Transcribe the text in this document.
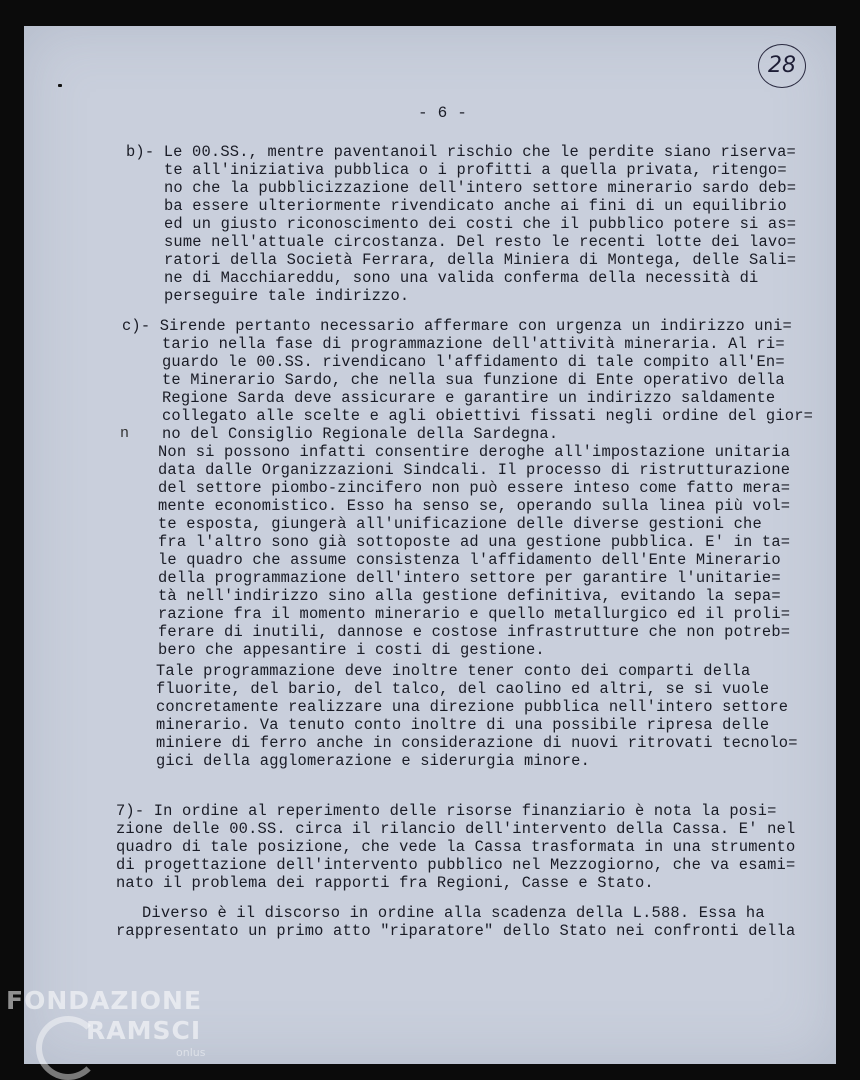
28
- 6 -
n
b)- Le 00.SS., mentre paventanoil rischio che le perdite siano riserva=
te all'iniziativa pubblica o i profitti a quella privata, ritengo=
no che la pubblicizzazione dell'intero settore minerario sardo deb=
ba essere ulteriormente rivendicato anche ai fini di un equilibrio
ed un giusto riconoscimento dei costi che il pubblico potere si as=
sume nell'attuale circostanza. Del resto le recenti lotte dei lavo=
ratori della Società Ferrara, della Miniera di Montega, delle Sali=
ne di Macchiareddu, sono una valida conferma della necessità di
perseguire tale indirizzo.
c)- Sirende pertanto necessario affermare con urgenza un indirizzo uni=
tario nella fase di programmazione dell'attività mineraria. Al ri=
guardo le 00.SS. rivendicano l'affidamento di tale compito all'En=
te Minerario Sardo, che nella sua funzione di Ente operativo della
Regione Sarda deve assicurare e garantire un indirizzo saldamente
collegato alle scelte e agli obiettivi fissati negli ordine del gior=
no del Consiglio Regionale della Sardegna.
Non si possono infatti consentire deroghe all'impostazione unitaria
data dalle Organizzazioni Sindcali. Il processo di ristrutturazione
del settore piombo-zincifero non può essere inteso come fatto mera=
mente economistico. Esso ha senso se, operando sulla linea più vol=
te esposta, giungerà all'unificazione delle diverse gestioni che
fra l'altro sono già sottoposte ad una gestione pubblica. E' in ta=
le quadro che assume consistenza l'affidamento dell'Ente Minerario
della programmazione dell'intero settore per garantire l'unitarie=
tà nell'indirizzo sino alla gestione definitiva, evitando la sepa=
razione fra il momento minerario e quello metallurgico ed il proli=
ferare di inutili, dannose e costose infrastrutture che non potreb=
bero che appesantire i costi di gestione.
Tale programmazione deve inoltre tener conto dei comparti della
fluorite, del bario, del talco, del caolino ed altri, se si vuole
concretamente realizzare una direzione pubblica nell'intero settore
minerario. Va tenuto conto inoltre di una possibile ripresa delle
miniere di ferro anche in considerazione di nuovi ritrovati tecnolo=
gici della agglomerazione e siderurgia minore.
7)- In ordine al reperimento delle risorse finanziario è nota la posi=
zione delle 00.SS. circa il rilancio dell'intervento della Cassa. E' nel
quadro di tale posizione, che vede la Cassa trasformata in una strumento
di progettazione dell'intervento pubblico nel Mezzogiorno, che va esami=
nato il problema dei rapporti fra Regioni, Casse e Stato.
Diverso è il discorso in ordine alla scadenza della L.588. Essa ha
rappresentato un primo atto "riparatore" dello Stato nei confronti della
FONDAZIONE
RAMSCI
onlus
